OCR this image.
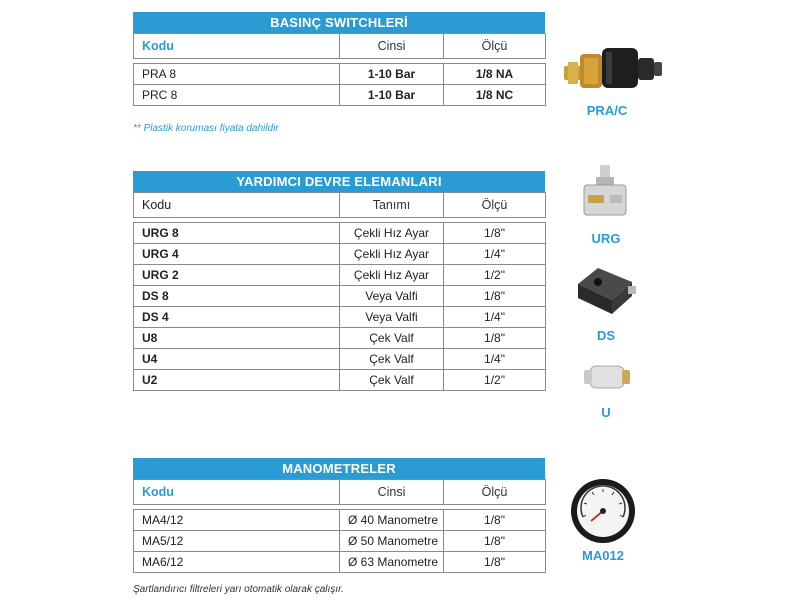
BASINÇ SWITCHLERİ
Kodu	Cinsi	Ölçü
PRA 8	1-10 Bar	1/8 NA
PRC 8	1-10 Bar	1/8 NC
** Plastik koruması fiyata dahildir
YARDIMCI DEVRE ELEMANLARI
Kodu	Tanımı	Ölçü
URG 8	Çekli Hız Ayar	1/8"
URG 4	Çekli Hız Ayar	1/4"
URG 2	Çekli Hız Ayar	1/2"
DS 8	Veya Valfi	1/8"
DS 4	Veya Valfi	1/4"
U8	Çek Valf	1/8"
U4	Çek Valf	1/4"
U2	Çek Valf	1/2"
MANOMETRELER
Kodu	Cinsi	Ölçü
MA4/12	Ø 40 Manometre	1/8"
MA5/12	Ø 50 Manometre	1/8"
MA6/12	Ø 63 Manometre	1/8"
Şartlandırıcı filtreleri yarı otomatik olarak çalışır.
PRA/C
URG
DS
U
MA012
